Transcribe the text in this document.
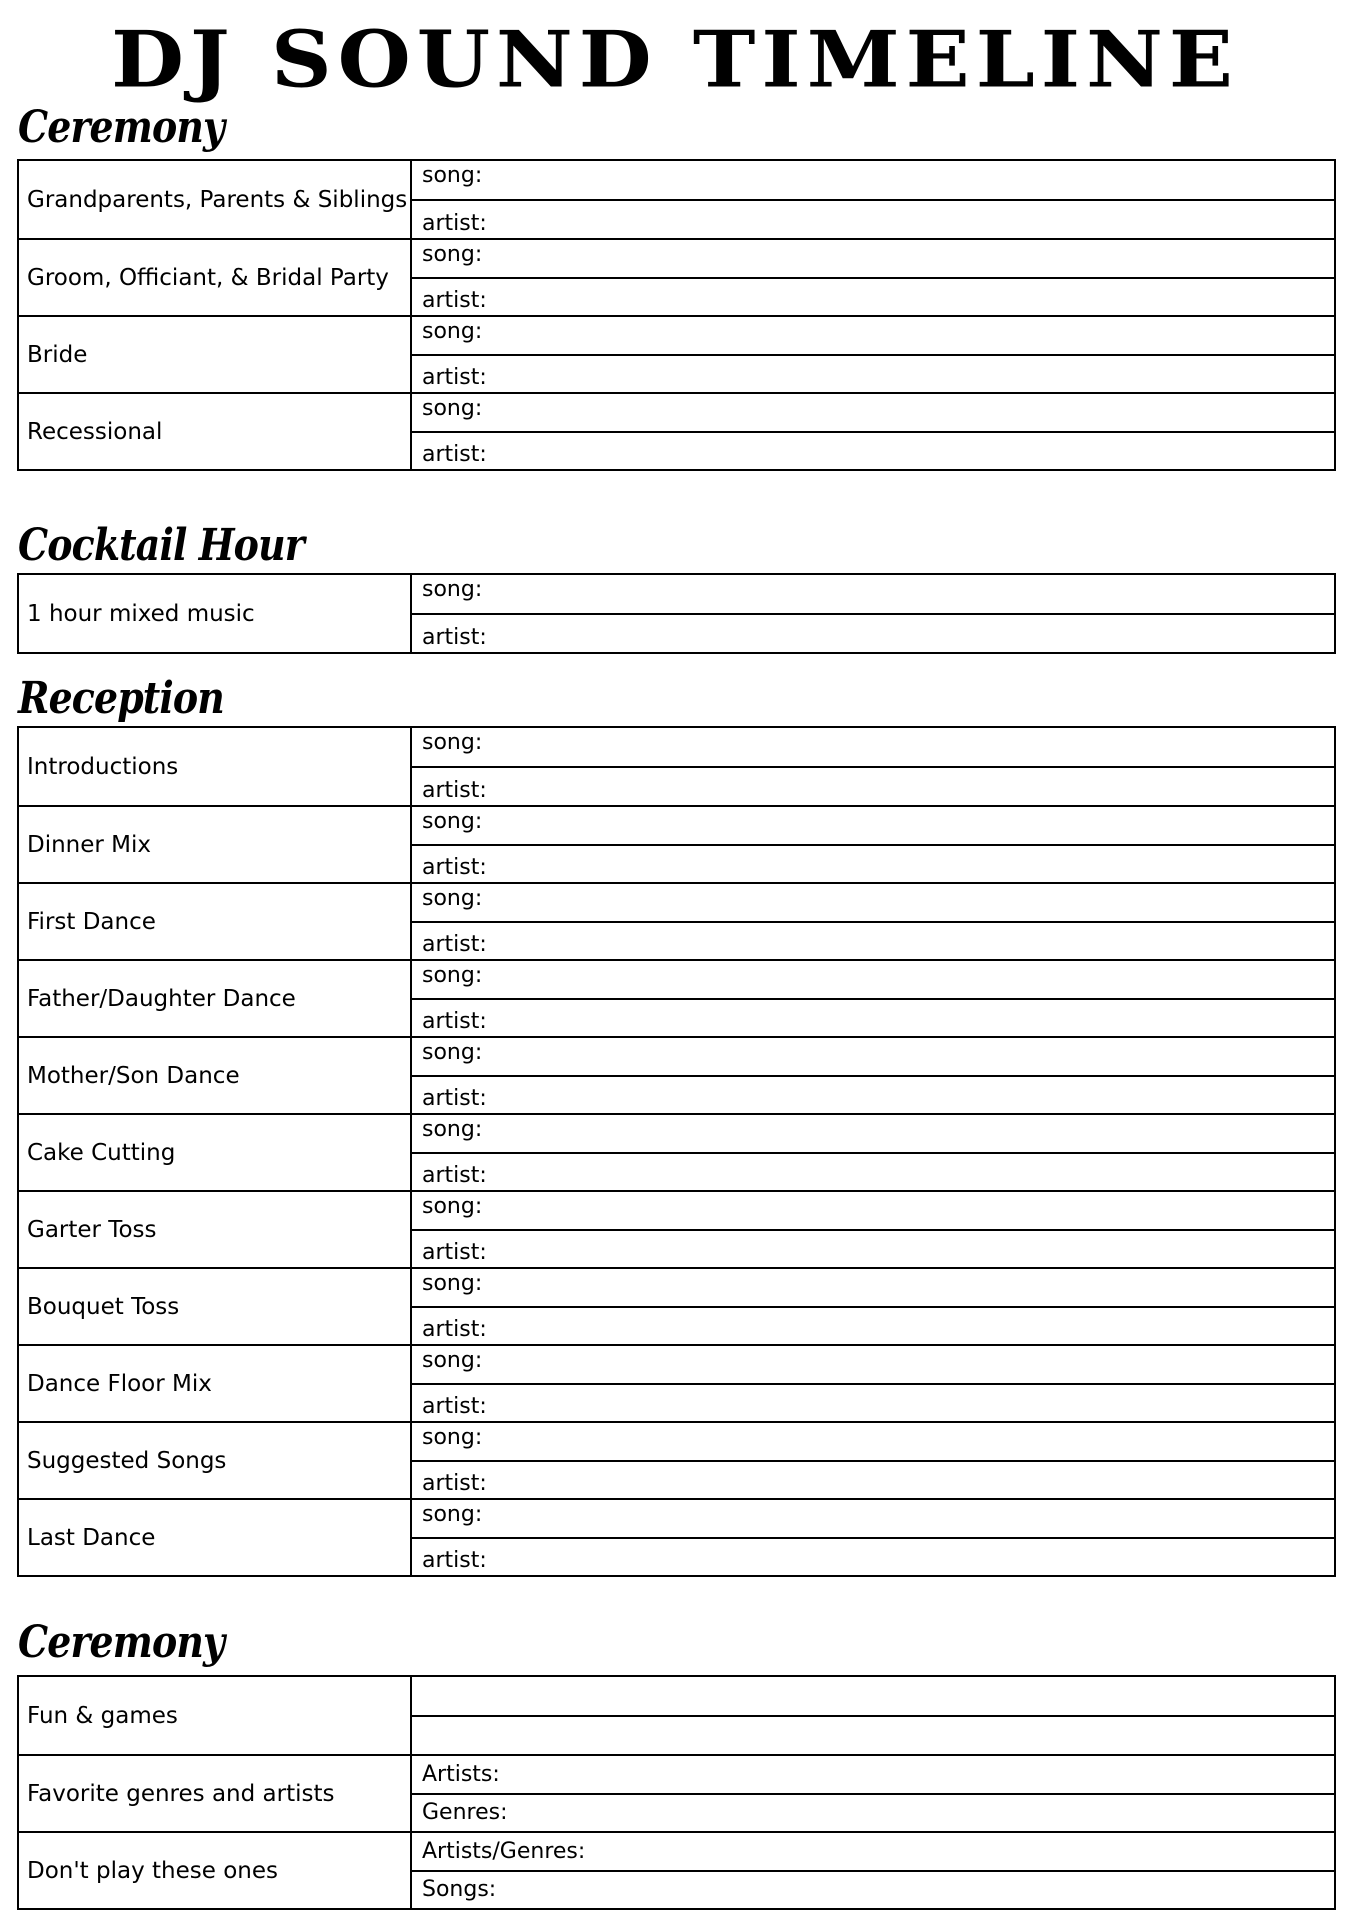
DJ SOUND TIMELINE
Ceremony
Grandparents, Parents & Siblings
song:
artist:
Groom, Officiant, & Bridal Party
song:
artist:
Bride
song:
artist:
Recessional
song:
artist:
Cocktail Hour
1 hour mixed music
song:
artist:
Reception
Introductions
song:
artist:
Dinner Mix
song:
artist:
First Dance
song:
artist:
Father/Daughter Dance
song:
artist:
Mother/Son Dance
song:
artist:
Cake Cutting
song:
artist:
Garter Toss
song:
artist:
Bouquet Toss
song:
artist:
Dance Floor Mix
song:
artist:
Suggested Songs
song:
artist:
Last Dance
song:
artist:
Ceremony
Fun & games
Favorite genres and artists
Artists:
Genres:
Don't play these ones
Artists/Genres:
Songs:
